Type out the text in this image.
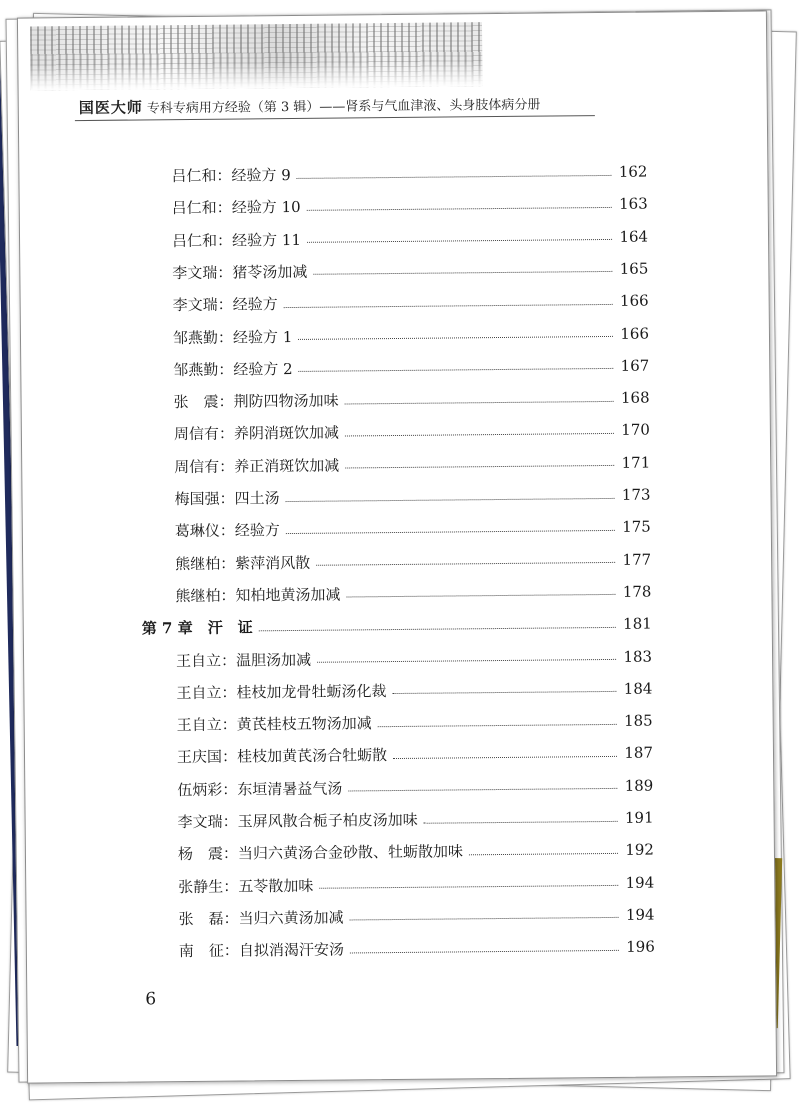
国医大师 专科专病用方经验（第 3 辑）——肾系与气血津液、头身肢体病分册
吕仁和 ： 经验方 9	162
吕仁和 ： 经验方 10	163
吕仁和 ： 经验方 11	164
李文瑞 ： 猪苓汤加减	165
李文瑞 ： 经验方	166
邹燕勤 ： 经验方 1	166
邹燕勤 ： 经验方 2	167
张　震 ： 荆防四物汤加味	168
周信有 ： 养阴消斑饮加减	170
周信有 ： 养正消斑饮加减	171
梅国强 ： 四土汤	173
葛琳仪 ： 经验方	175
熊继柏 ： 紫萍消风散	177
熊继柏 ： 知柏地黄汤加减	178
第 7 章　汗　证	181
王自立 ： 温胆汤加减	183
王自立 ： 桂枝加龙骨牡蛎汤化裁	184
王自立 ： 黄芪桂枝五物汤加减	185
王庆国 ： 桂枝加黄芪汤合牡蛎散	187
伍炳彩 ： 东垣清暑益气汤	189
李文瑞 ： 玉屏风散合栀子柏皮汤加味	191
杨　震 ： 当归六黄汤合金砂散、牡蛎散加味	192
张静生 ： 五苓散加味	194
张　磊 ： 当归六黄汤加减	194
南　征 ： 自拟消渴汗安汤	196
6
